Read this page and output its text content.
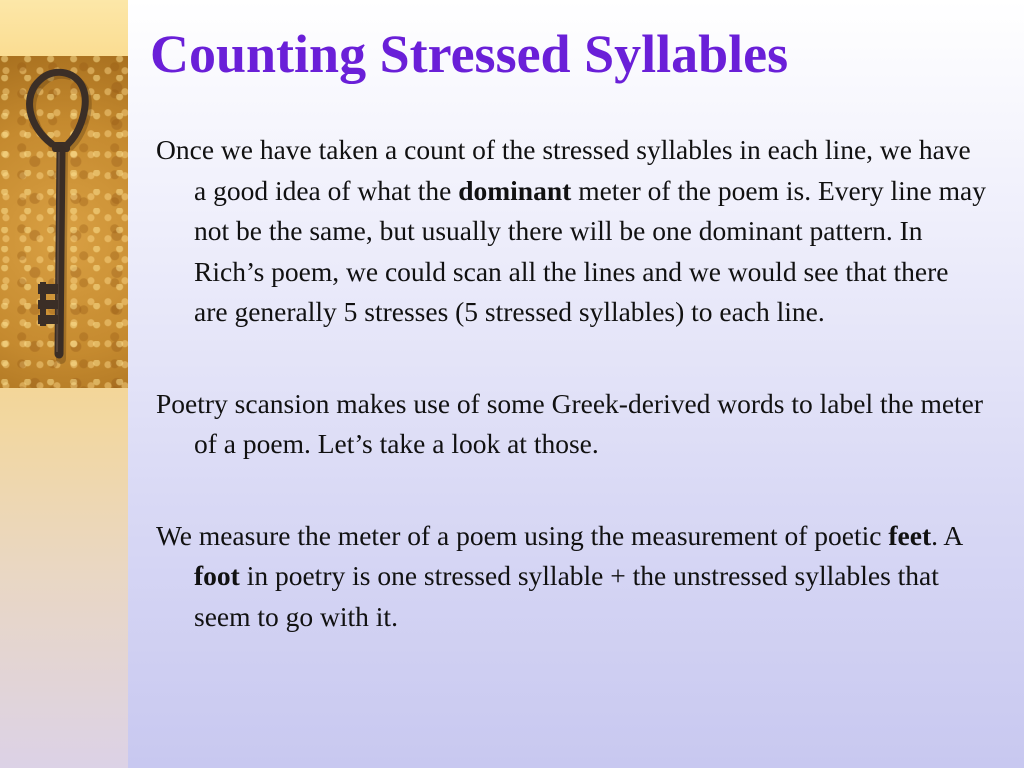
Counting Stressed Syllables

Once we have taken a count of the stressed syllables in each line, we have a good idea of what the dominant meter of the poem is. Every line may not be the same, but usually there will be one dominant pattern. In Rich’s poem, we could scan all the lines and we would see that there are generally 5 stresses (5 stressed syllables) to each line.

Poetry scansion makes use of some Greek-derived words to label the meter of a poem. Let’s take a look at those.

We measure the meter of a poem using the measurement of poetic feet. A foot in poetry is one stressed syllable + the unstressed syllables that seem to go with it.
